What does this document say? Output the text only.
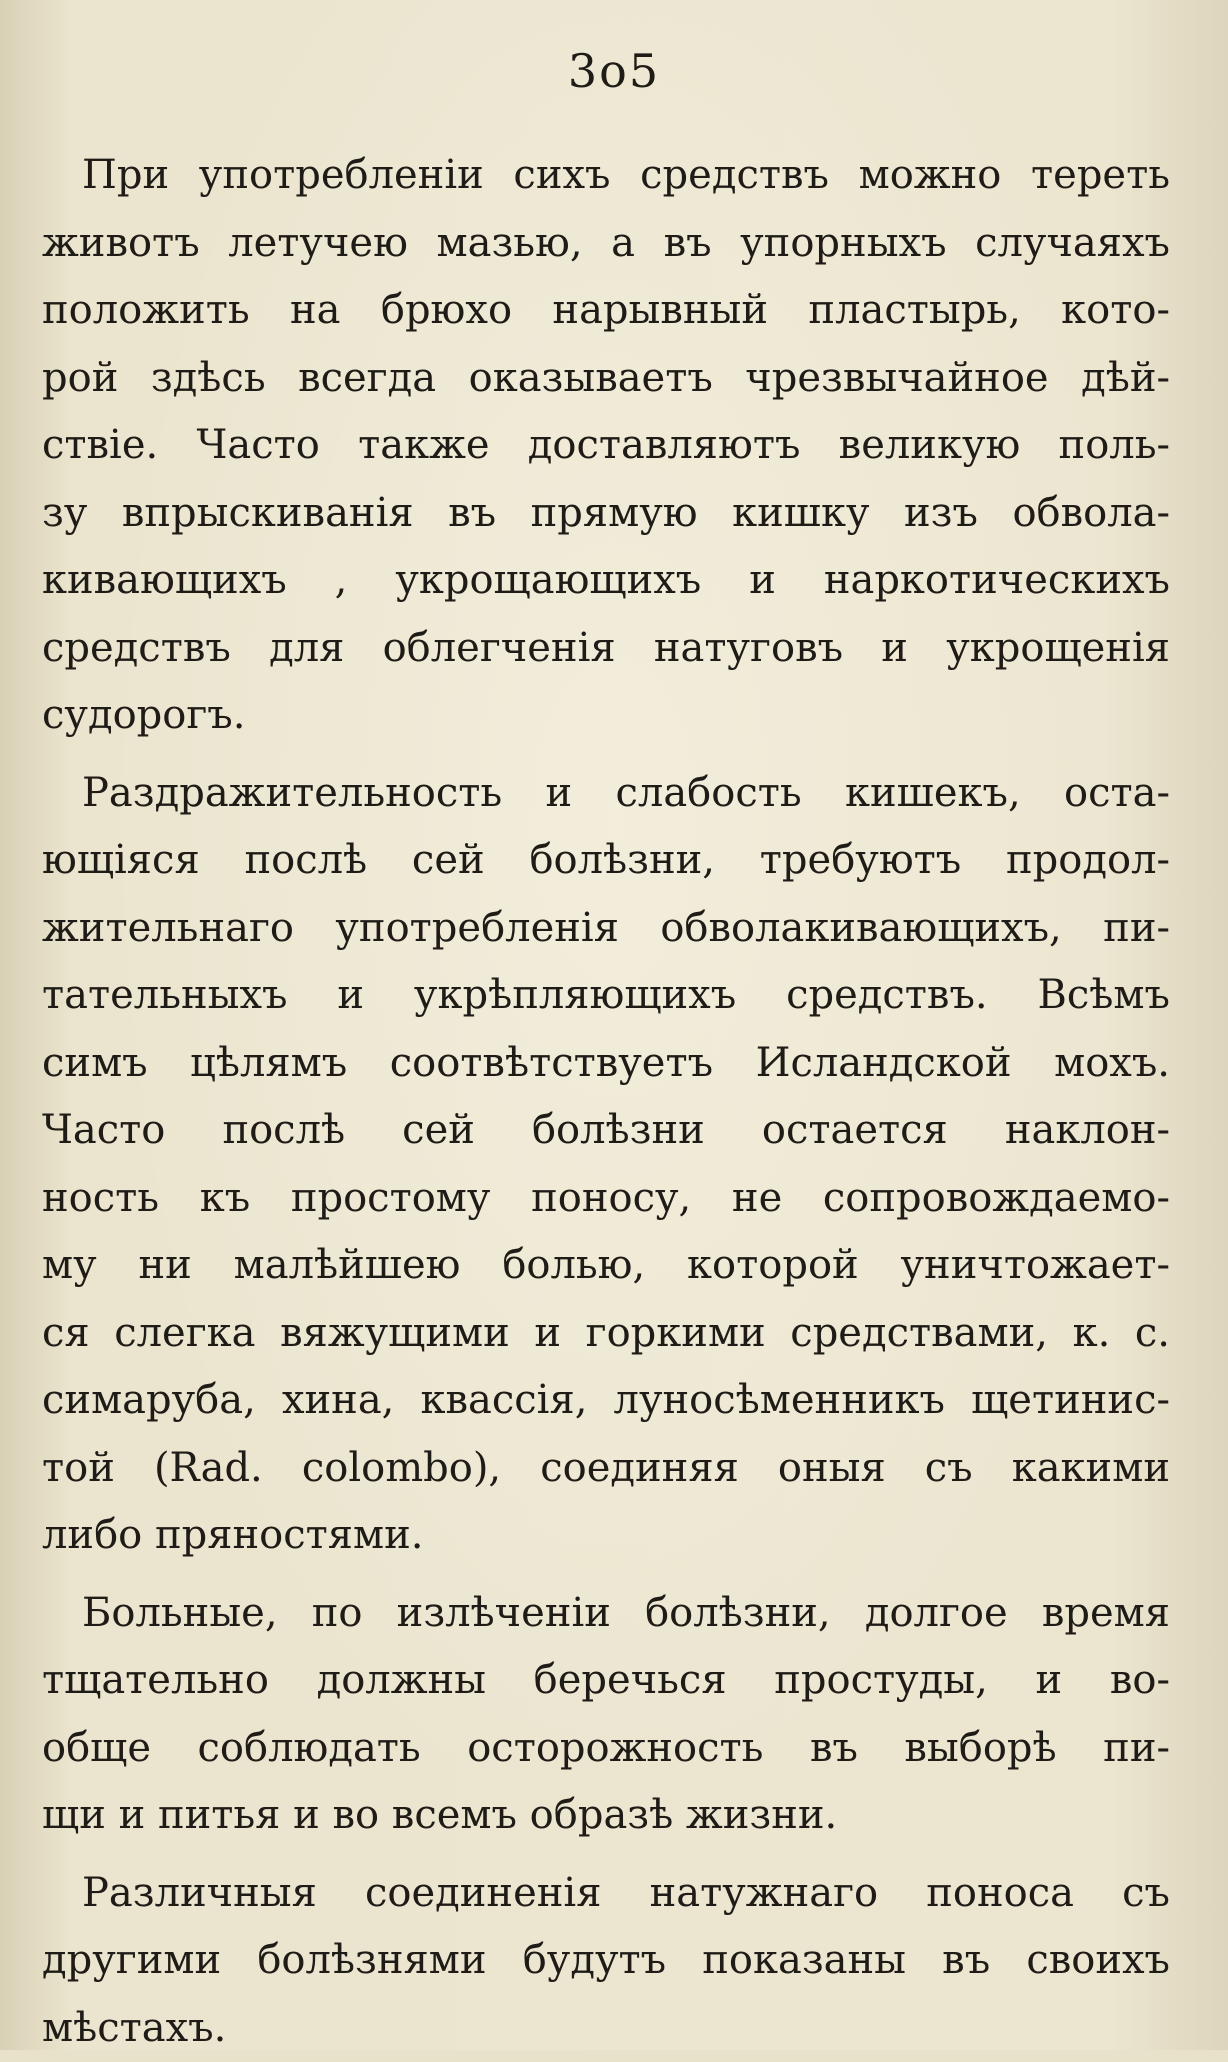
3o5
При употребленіи сихъ средствъ можно тереть
животъ летучею мазью, а въ упорныхъ случаяхъ
положить на брюхо нарывный пластырь, кото-
рой здѣсь всегда оказываетъ чрезвычайное дѣй-
ствіе. Часто также доставляютъ великую поль-
зу впрыскиванія въ прямую кишку изъ обвола-
кивающихъ , укрощающихъ и наркотическихъ
средствъ для облегченія натуговъ и укрощенія
судорогъ.
Раздражительность и слабость кишекъ, оста-
ющіяся послѣ сей болѣзни, требуютъ продол-
жительнаго употребленія обволакивающихъ, пи-
тательныхъ и укрѣпляющихъ средствъ. Всѣмъ
симъ цѣлямъ соотвѣтствуетъ Исландской мохъ.
Часто послѣ сей болѣзни остается наклон-
ность къ простому поносу, не сопровождаемо-
му ни малѣйшею болью, которой уничтожает-
ся слегка вяжущими и горкими средствами, к. с.
симаруба, хина, квассія, луносѣменникъ щетинис-
той (Rad. colombo), соединяя оныя съ какими
либо пряностями.
Больные, по излѣченіи болѣзни, долгое время
тщательно должны беречься простуды, и во-
обще соблюдать осторожность въ выборѣ пи-
щи и питья и во всемъ образѣ жизни.
Различныя соединенія натужнаго поноса съ
другими болѣзнями будутъ показаны въ своихъ
мѣстахъ.
